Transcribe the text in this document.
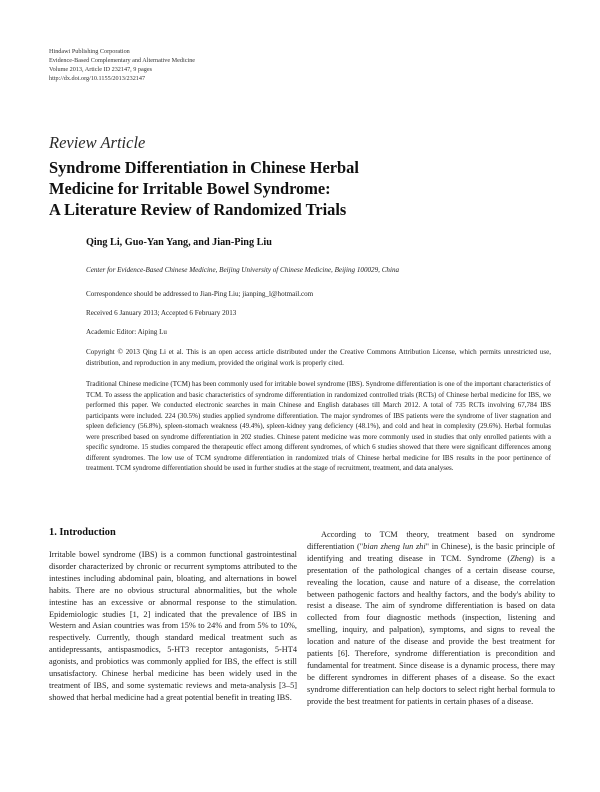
Hindawi Publishing Corporation
Evidence-Based Complementary and Alternative Medicine
Volume 2013, Article ID 232147, 9 pages
http://dx.doi.org/10.1155/2013/232147
Review Article
Syndrome Differentiation in Chinese Herbal
Medicine for Irritable Bowel Syndrome:
A Literature Review of Randomized Trials
Qing Li, Guo-Yan Yang, and Jian-Ping Liu
Center for Evidence-Based Chinese Medicine, Beijing University of Chinese Medicine, Beijing 100029, China
Correspondence should be addressed to Jian-Ping Liu; jianping_l@hotmail.com
Received 6 January 2013; Accepted 6 February 2013
Academic Editor: Aiping Lu
Copyright © 2013 Qing Li et al. This is an open access article distributed under the Creative Commons Attribution License, which permits unrestricted use, distribution, and reproduction in any medium, provided the original work is properly cited.
Traditional Chinese medicine (TCM) has been commonly used for irritable bowel syndrome (IBS). Syndrome differentiation is one of the important characteristics of TCM. To assess the application and basic characteristics of syndrome differentiation in randomized controlled trials (RCTs) of Chinese herbal medicine for IBS, we performed this paper. We conducted electronic searches in main Chinese and English databases till March 2012. A total of 735 RCTs involving 67,784 IBS participants were included. 224 (30.5%) studies applied syndrome differentiation. The major syndromes of IBS patients were the syndrome of liver stagnation and spleen deficiency (56.8%), spleen-stomach weakness (49.4%), spleen-kidney yang deficiency (48.1%), and cold and heat in complexity (29.6%). Herbal formulas were prescribed based on syndrome differentiation in 202 studies. Chinese patent medicine was more commonly used in studies that only enrolled patients with a specific syndrome. 15 studies compared the therapeutic effect among different syndromes, of which 6 studies showed that there were significant differences among different syndromes. The low use of TCM syndrome differentiation in randomized trials of Chinese herbal medicine for IBS results in the poor pertinence of treatment. TCM syndrome differentiation should be used in further studies at the stage of recruitment, treatment, and data analyses.
1. Introduction
Irritable bowel syndrome (IBS) is a common functional gastrointestinal disorder characterized by chronic or recurrent symptoms attributed to the intestines including abdominal pain, bloating, and alternations in bowel habits. There are no obvious structural abnormalities, but the whole intestine has an excessive or abnormal response to the stimulation. Epidemiologic studies [1, 2] indicated that the prevalence of IBS in Western and Asian countries was from 15% to 24% and from 5% to 10%, respectively. Currently, though standard medical treatment such as antidepressants, antispasmodics, 5-HT3 receptor antagonists, 5-HT4 agonists, and probiotics was commonly applied for IBS, the effect is still unsatisfactory. Chinese herbal medicine has been widely used in the treatment of IBS, and some systematic reviews and meta-analysis [3–5] showed that herbal medicine had a great potential benefit in treating IBS.
According to TCM theory, treatment based on syndrome differentiation ("bian zheng lun zhi" in Chinese), is the basic principle of identifying and treating disease in TCM. Syndrome (Zheng) is a presentation of the pathological changes of a certain disease course, revealing the location, cause and nature of a disease, the correlation between pathogenic factors and healthy factors, and the body's ability to resist a disease. The aim of syndrome differentiation is based on data collected from four diagnostic methods (inspection, listening and smelling, inquiry, and palpation), symptoms, and signs to reveal the location and nature of the disease and provide the best treatment for patients [6]. Therefore, syndrome differentiation is precondition and fundamental for treatment. Since disease is a dynamic process, there may be different syndromes in different phases of a disease. So the exact syndrome differentiation can help doctors to select right herbal formula to provide the best treatment for patients in certain phases of a disease.
